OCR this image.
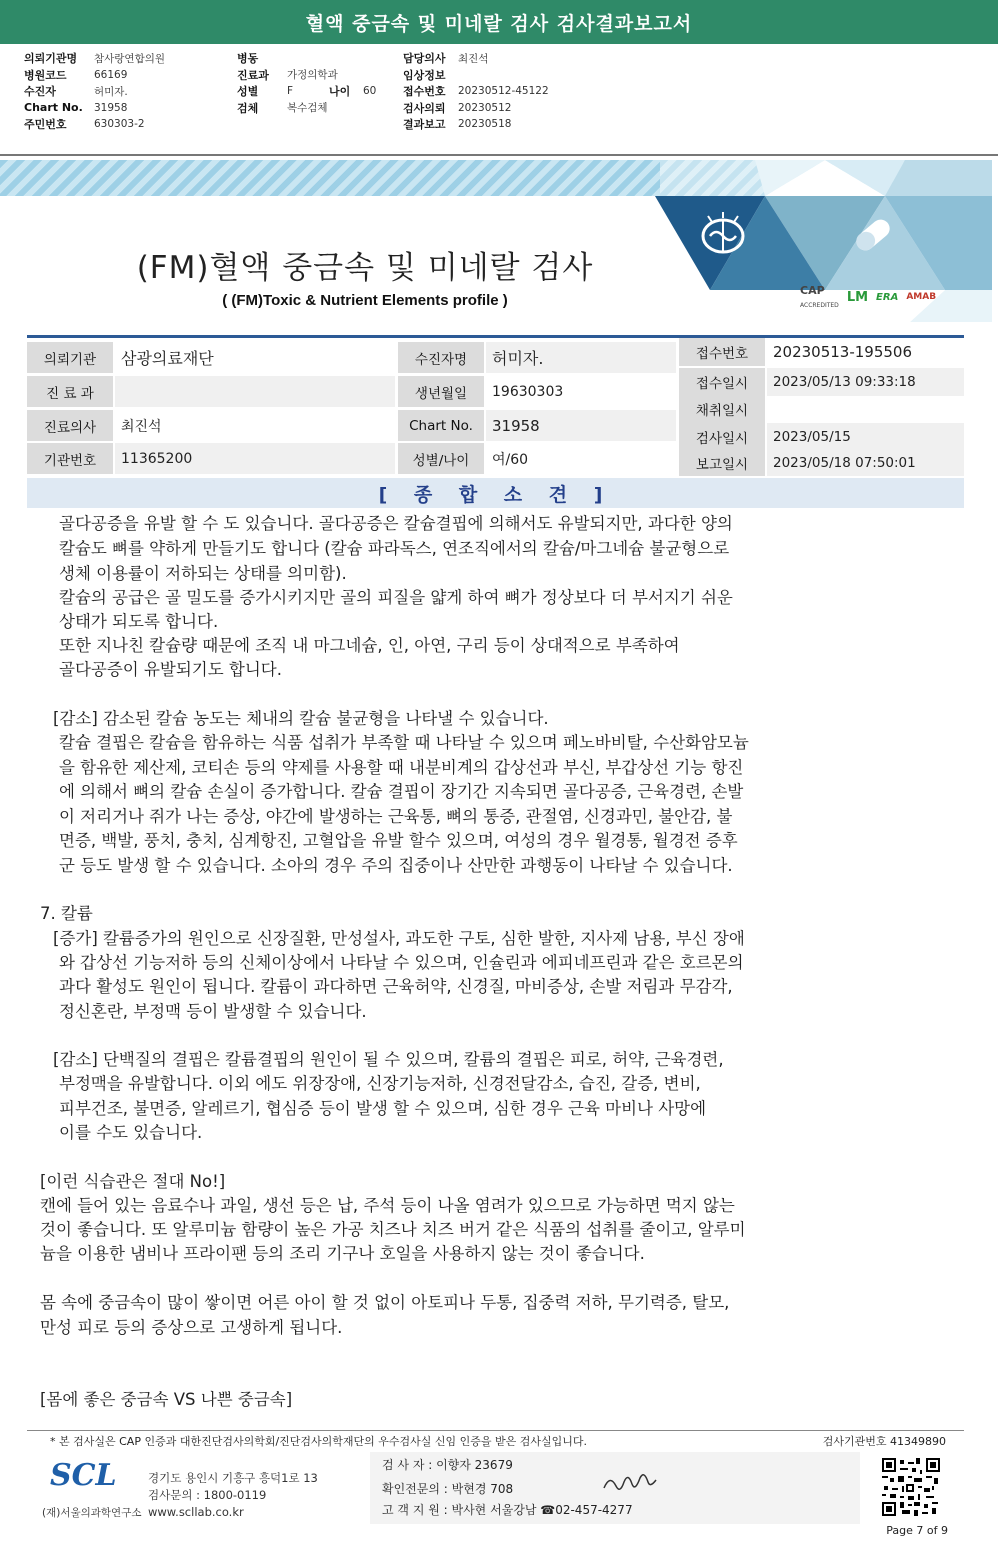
혈액 중금속 및 미네랄 검사 검사결과보고서
의뢰기관명	참사랑연합의원
병원코드	66169
수진자	허미자.
Chart No.	31958
주민번호	630303-2
병동
진료과	가정의학과
성별	F	나이	60
검체	복수검체
담당의사	최진석
임상정보
접수번호	20230512-45122
검사의뢰	20230512
결과보고	20230518
CAP
ACCREDITED
LM ERA AMAB
(FM)혈액 중금속 및 미네랄 검사
( (FM)Toxic & Nutrient Elements profile )
의뢰기관	삼광의료재단
진 료 과
진료의사	최진석
기관번호	11365200
수진자명	허미자.
생년월일	19630303
Chart No.	31958
성별/나이	여/60
접수번호	20230513-195506
접수일시	2023/05/13 09:33:18
채취일시
검사일시	2023/05/15
보고일시	2023/05/18 07:50:01
[ 종 합 소 견 ]
골다공증을 유발 할 수 도 있습니다. 골다공증은 칼슘결핍에 의해서도 유발되지만, 과다한 양의
칼슘도 뼈를 약하게 만들기도 합니다 (칼슘 파라독스, 연조직에서의 칼슘/마그네슘 불균형으로
생체 이용률이 저하되는 상태를 의미함).
칼슘의 공급은 골 밀도를 증가시키지만 골의 피질을 얇게 하여 뼈가 정상보다 더 부서지기 쉬운
상태가 되도록 합니다.
또한 지나친 칼슘량 때문에 조직 내 마그네슘, 인, 아연, 구리 등이 상대적으로 부족하여
골다공증이 유발되기도 합니다.
[감소] 감소된 칼슘 농도는 체내의 칼슘 불균형을 나타낼 수 있습니다.
칼슘 결핍은 칼슘을 함유하는 식품 섭취가 부족할 때 나타날 수 있으며 페노바비탈, 수산화암모늄
을 함유한 제산제, 코티손 등의 약제를 사용할 때 내분비계의 갑상선과 부신, 부갑상선 기능 항진
에 의해서 뼈의 칼슘 손실이 증가합니다. 칼슘 결핍이 장기간 지속되면 골다공증, 근육경련, 손발
이 저리거나 쥐가 나는 증상, 야간에 발생하는 근육통, 뼈의 통증, 관절염, 신경과민, 불안감, 불
면증, 백발, 풍치, 충치, 심계항진, 고혈압을 유발 할수 있으며, 여성의 경우 월경통, 월경전 증후
군 등도 발생 할 수 있습니다. 소아의 경우 주의 집중이나 산만한 과행동이 나타날 수 있습니다.
7. 칼륨
[증가] 칼륨증가의 원인으로 신장질환, 만성설사, 과도한 구토, 심한 발한, 지사제 남용, 부신 장애
와 갑상선 기능저하 등의 신체이상에서 나타날 수 있으며, 인슐린과 에피네프린과 같은 호르몬의
과다 활성도 원인이 됩니다. 칼륨이 과다하면 근육허약, 신경질, 마비증상, 손발 저림과 무감각,
정신혼란, 부정맥 등이 발생할 수 있습니다.
[감소] 단백질의 결핍은 칼륨결핍의 원인이 될 수 있으며, 칼륨의 결핍은 피로, 허약, 근육경련,
부정맥을 유발합니다. 이외 에도 위장장애, 신장기능저하, 신경전달감소, 습진, 갈증, 변비,
피부건조, 불면증, 알레르기, 협심증 등이 발생 할 수 있으며, 심한 경우 근육 마비나 사망에
이를 수도 있습니다.
[이런 식습관은 절대 No!]
캔에 들어 있는 음료수나 과일, 생선 등은 납, 주석 등이 나올 염려가 있으므로 가능하면 먹지 않는
것이 좋습니다. 또 알루미늄 함량이 높은 가공 치즈나 치즈 버거 같은 식품의 섭취를 줄이고, 알루미
늄을 이용한 냄비나 프라이팬 등의 조리 기구나 호일을 사용하지 않는 것이 좋습니다.
몸 속에 중금속이 많이 쌓이면 어른 아이 할 것 없이 아토피나 두통, 집중력 저하, 무기력증, 탈모,
만성 피로 등의 증상으로 고생하게 됩니다.
[몸에 좋은 중금속 VS 나쁜 중금속]
* 본 검사실은 CAP 인증과 대한진단검사의학회/진단검사의학재단의 우수검사실 신임 인증을 받은 검사실입니다.	검사기관번호 41349890
SCL
(재)서울의과학연구소
경기도 용인시 기흥구 흥덕1로 13
검사문의 : 1800-0119
www.scllab.co.kr
검 사 자 : 이향자 23679
확인전문의 : 박현경 708
고 객 지 원 : 박사현 서울강남 ☎02-457-4277
Page 7 of 9
